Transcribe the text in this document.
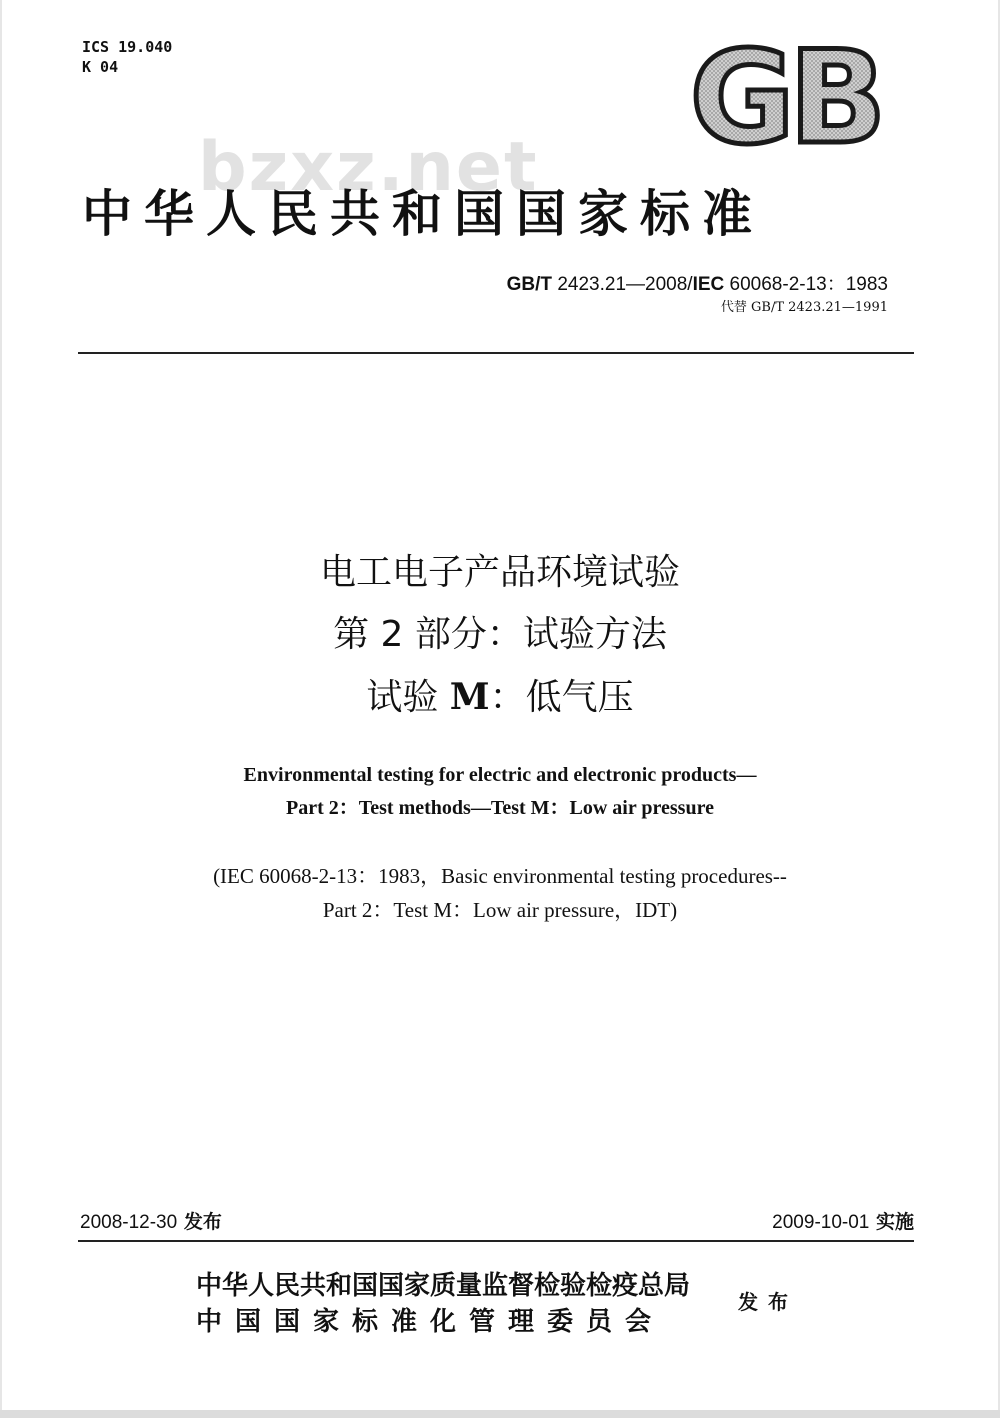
ICS 19.040
K 04	GB
bzxz.net
中华人民共和国国家标准
GB/T 2423.21—2008/IEC 60068-2-13：1983
代替 GB/T 2423.21—1991
电工电子产品环境试验
第 2 部分：试验方法
试验 M：低气压
Environmental testing for electric and electronic products—
Part 2：Test methods—Test M：Low air pressure
(IEC 60068-2-13：1983，Basic environmental testing procedures--
Part 2：Test M：Low air pressure，IDT)
2008-12-30 发布	2009-10-01 实施
中华人民共和国国家质量监督检验检疫总局
中国国家标准化管理委员会
发布
